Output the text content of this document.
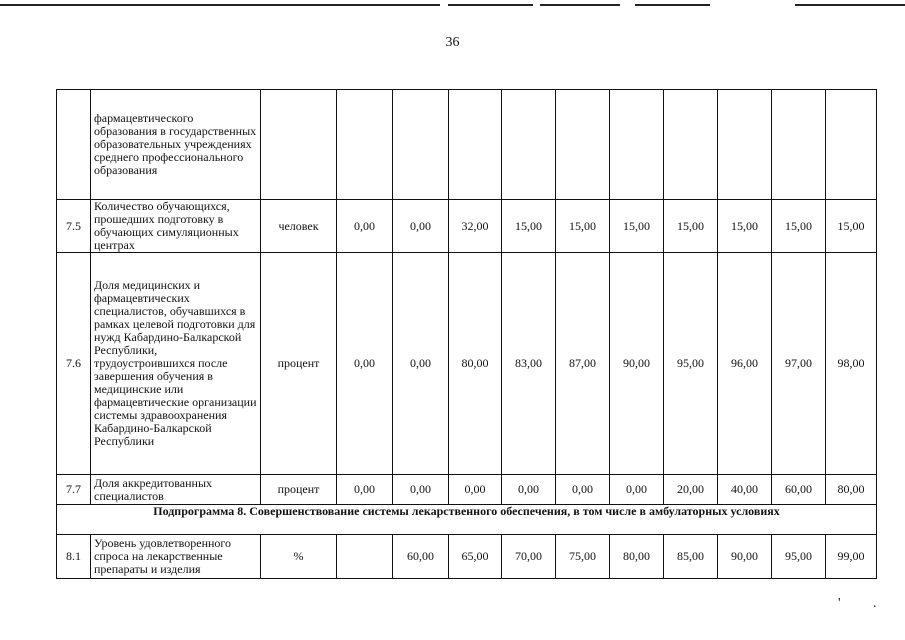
36
	фармацевтического образования в государственных образовательных учреждениях среднего профессионального образования											
7.5	Количество обучающихся, прошедших подготовку в обучающих симуляционных центрах	человек	0,00	0,00	32,00	15,00	15,00	15,00	15,00	15,00	15,00	15,00
7.6	Доля медицинских и фармацевтических специалистов, обучавшихся в рамках целевой подготовки для нужд Кабардино-Балкарской Республики, трудоустроившихся после завершения обучения в медицинские или фармацевтические организации системы здравоохранения Кабардино-Балкарской Республики	процент	0,00	0,00	80,00	83,00	87,00	90,00	95,00	96,00	97,00	98,00
7.7	Доля аккредитованных специалистов	процент	0,00	0,00	0,00	0,00	0,00	0,00	20,00	40,00	60,00	80,00
Подпрограмма 8. Совершенствование системы лекарственного обеспечения, в том числе в амбулаторных условиях												
8.1	Уровень удовлетворенного спроса на лекарственные препараты и изделия	%		60,00	65,00	70,00	75,00	80,00	85,00	90,00	95,00	99,00
' .
